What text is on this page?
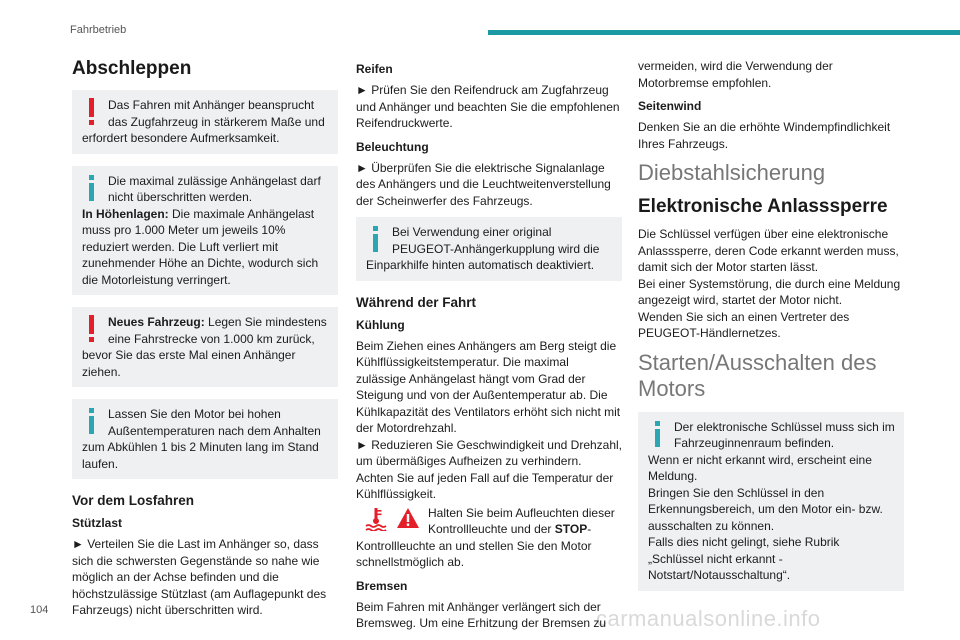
Fahrbetrieb
104	carmanualsonline.info
Abschleppen
Das Fahren mit Anhänger beansprucht das Zugfahrzeug in stärkerem Maße und erfordert besondere Aufmerksamkeit.
Die maximal zulässige Anhängelast darf nicht überschritten werden.
In Höhenlagen: Die maximale Anhängelast muss pro 1.000 Meter um jeweils 10% reduziert werden. Die Luft verliert mit zunehmender Höhe an Dichte, wodurch sich die Motorleistung verringert.
Neues Fahrzeug: Legen Sie mindestens eine Fahrstrecke von 1.000 km zurück, bevor Sie das erste Mal einen Anhänger ziehen.
Lassen Sie den Motor bei hohen Außentemperaturen nach dem Anhalten zum Abkühlen 1 bis 2 Minuten lang im Stand laufen.
Vor dem Losfahren
Stützlast

► Verteilen Sie die Last im Anhänger so, dass sich die schwersten Gegenstände so nahe wie möglich an der Achse befinden und die höchstzulässige Stützlast (am Auflagepunkt des Fahrzeugs) nicht überschritten wird.

Reifen

► Prüfen Sie den Reifendruck am Zugfahrzeug und Anhänger und beachten Sie die empfohlenen Reifendruckwerte.

Beleuchtung

► Überprüfen Sie die elektrische Signalanlage des Anhängers und die Leuchtweitenverstellung der Scheinwerfer des Fahrzeugs.

Bei Verwendung einer original PEUGEOT-Anhängerkupplung wird die Einparkhilfe hinten automatisch deaktiviert.
Während der Fahrt
Kühlung

Beim Ziehen eines Anhängers am Berg steigt die Kühlflüssigkeitstemperatur. Die maximal zulässige Anhängelast hängt vom Grad der Steigung und von der Außentemperatur ab. Die Kühlkapazität des Ventilators erhöht sich nicht mit der Motordrehzahl.

► Reduzieren Sie Geschwindigkeit und Drehzahl, um übermäßiges Aufheizen zu verhindern.

Achten Sie auf jeden Fall auf die Temperatur der Kühlflüssigkeit.

Halten Sie beim Aufleuchten dieser Kontrollleuchte und der STOP-Kontrollleuchte an und stellen Sie den Motor schnellstmöglich ab.

Bremsen

Beim Fahren mit Anhänger verlängert sich der Bremsweg. Um eine Erhitzung der Bremsen zu

vermeiden, wird die Verwendung der Motorbremse empfohlen.

Seitenwind

Denken Sie an die erhöhte Windempfindlichkeit Ihres Fahrzeugs.

Diebstahlsicherung
Elektronische Anlasssperre

Die Schlüssel verfügen über eine elektronische Anlasssperre, deren Code erkannt werden muss, damit sich der Motor starten lässt.

Bei einer Systemstörung, die durch eine Meldung angezeigt wird, startet der Motor nicht.

Wenden Sie sich an einen Vertreter des PEUGEOT-Händlernetzes.

Starten/Ausschalten des Motors
Der elektronische Schlüssel muss sich im Fahrzeuginnenraum befinden.
Wenn er nicht erkannt wird, erscheint eine Meldung.
Bringen Sie den Schlüssel in den Erkennungsbereich, um den Motor ein- bzw. ausschalten zu können.
Falls dies nicht gelingt, siehe Rubrik „Schlüssel nicht erkannt - Notstart/Notausschaltung“.
